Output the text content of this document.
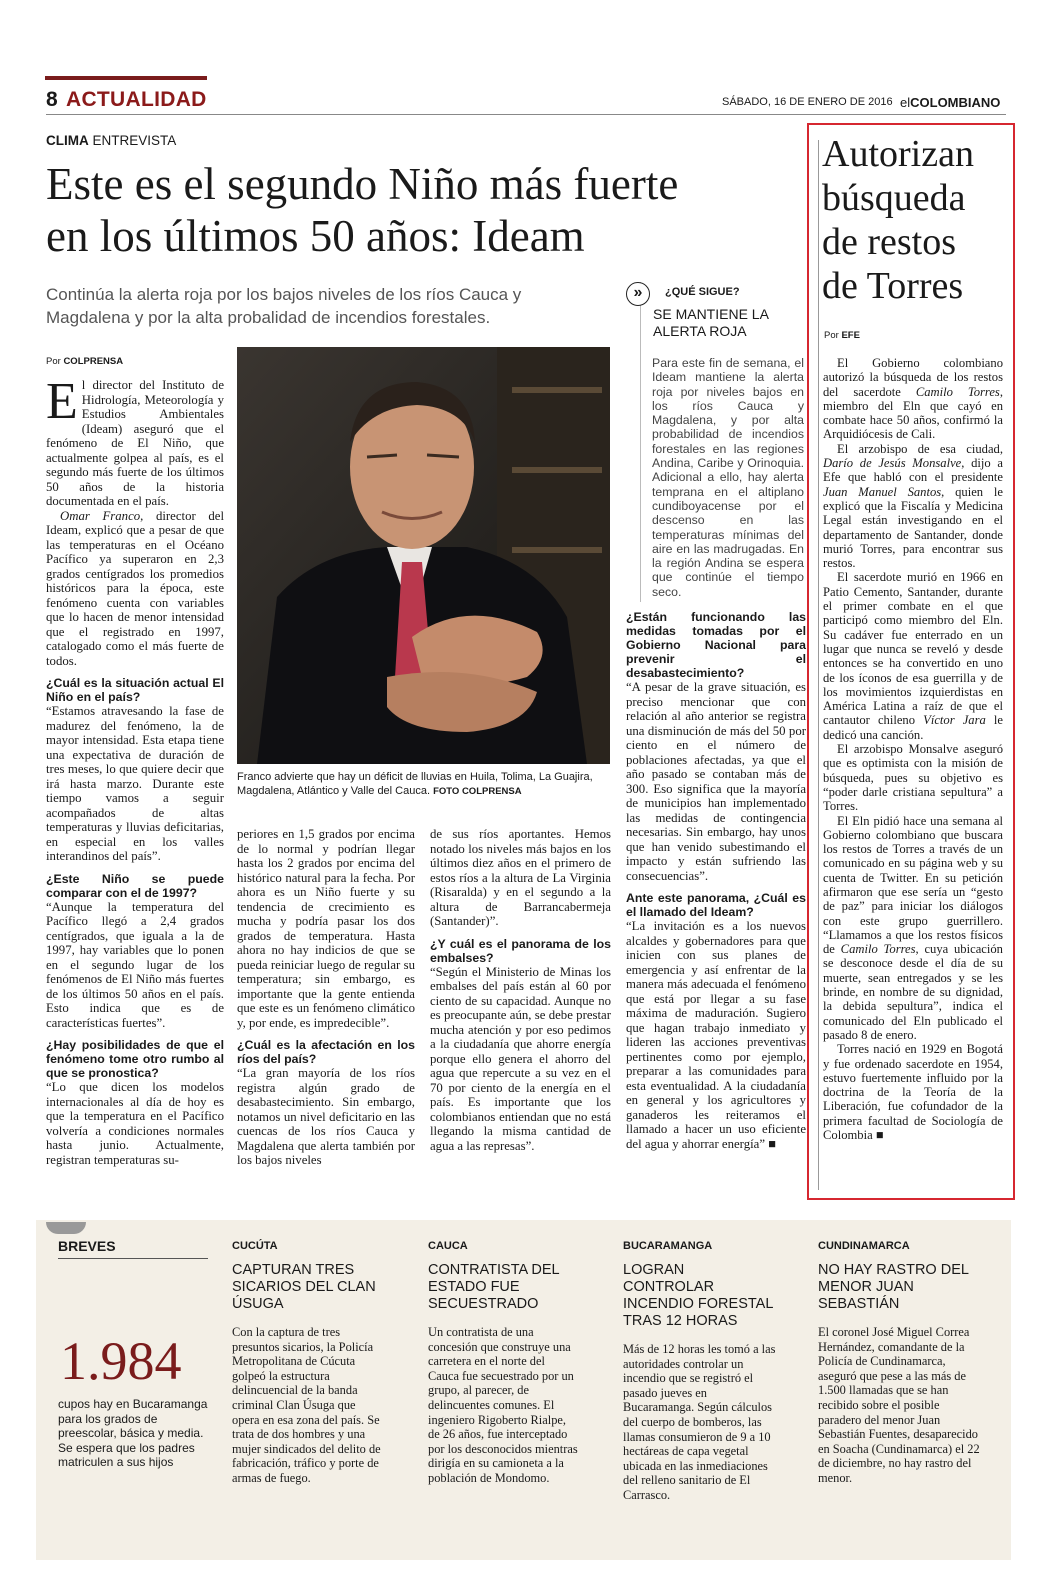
8 ACTUALIDAD	SÁBADO, 16 DE ENERO DE 2016 elCOLOMBIANO
CLIMA ENTREVISTA
Este es el segundo Niño más fuerte
en los últimos 50 años: Ideam
Continúa la alerta roja por los bajos niveles de los ríos Cauca y
Magdalena y por la alta probalidad de incendios forestales.
Por COLPRENSA

El director del Instituto de Hidrología, Meteorología y Estudios Ambientales (Ideam) aseguró que el fenómeno de El Niño, que actualmente golpea al país, es el segundo más fuerte de los últimos 50 años de la historia documentada en el país.

Omar Franco, director del Ideam, explicó que a pesar de que las temperaturas en el Océano Pacífico ya superaron en 2,3 grados centígrados los promedios históricos para la época, este fenómeno cuenta con variables que lo hacen de menor intensidad que el registrado en 1997, catalogado como el más fuerte de todos.

¿Cuál es la situación actual El Niño en el país?

“Estamos atravesando la fase de madurez del fenómeno, la de mayor intensidad. Esta etapa tiene una expectativa de duración de tres meses, lo que quiere decir que irá hasta marzo. Durante este tiempo vamos a seguir acompañados de altas temperaturas y lluvias deficitarias, en especial en los valles interandinos del país”.

¿Este Niño se puede comparar con el de 1997?

“Aunque la temperatura del Pacífico llegó a 2,4 grados centígrados, que iguala a la de 1997, hay variables que lo ponen en el segundo lugar de los fenómenos de El Niño más fuertes de los últimos 50 años en el país. Esto indica que es de características fuertes”.

¿Hay posibilidades de que el fenómeno tome otro rumbo al que se pronostica?

“Lo que dicen los modelos internacionales al día de hoy es que la temperatura en el Pacífico volvería a condiciones normales hasta junio. Actualmente, registran temperaturas su-

Franco advierte que hay un déficit de lluvias en Huila, Tolima, La Guajira, Magdalena, Atlántico y Valle del Cauca. FOTO COLPRENSA

periores en 1,5 grados por encima de lo normal y podrían llegar hasta los 2 grados por encima del histórico natural para la fecha. Por ahora es un Niño fuerte y su tendencia de crecimiento es mucha y podría pasar los dos grados de temperatura. Hasta ahora no hay indicios de que se pueda reiniciar luego de regular su temperatura; sin embargo, es importante que la gente entienda que este es un fenómeno climático y, por ende, es impredecible”.

¿Cuál es la afectación en los ríos del país?

“La gran mayoría de los ríos registra algún grado de desabastecimiento. Sin embargo, notamos un nivel deficitario en las cuencas de los ríos Cauca y Magdalena que alerta también por los bajos niveles

de sus ríos aportantes. Hemos notado los niveles más bajos en los últimos diez años en el primero de estos ríos a la altura de La Virginia (Risaralda) y en el segundo a la altura de Barrancabermeja (Santander)”.

¿Y cuál es el panorama de los embalses?

“Según el Ministerio de Minas los embalses del país están al 60 por ciento de su capacidad. Aunque no es preocupante aún, se debe prestar mucha atención y por eso pedimos a la ciudadanía que ahorre energía porque ello genera el ahorro del agua que repercute a su vez en el 70 por ciento de la energía en el país. Es importante que los colombianos entiendan que no está llegando la misma cantidad de agua a las represas”.

»	¿QUÉ SIGUE?
SE MANTIENE LA
ALERTA ROJA
Para este fin de semana, el Ideam mantiene la alerta roja por niveles bajos en los ríos Cauca y Magdalena, y por alta probabilidad de incendios forestales en las regiones Andina, Caribe y Orinoquia. Adicional a ello, hay alerta temprana en el altiplano cundiboyacense por el descenso en las temperaturas mínimas del aire en las madrugadas. En la región Andina se espera que continúe el tiempo seco.
¿Están funcionando las medidas tomadas por el Gobierno Nacional para prevenir el desabastecimiento?

“A pesar de la grave situación, es preciso mencionar que con relación al año anterior se registra una disminución de más del 50 por ciento en el número de poblaciones afectadas, ya que el año pasado se contaban más de 300. Eso significa que la mayoría de municipios han implementado las medidas de contingencia necesarias. Sin embargo, hay unos que han venido subestimando el impacto y están sufriendo las consecuencias”.

Ante este panorama, ¿Cuál es el llamado del Ideam?

“La invitación es a los nuevos alcaldes y gobernadores para que inicien con sus planes de emergencia y así enfrentar de la manera más adecuada el fenómeno que está por llegar a su fase máxima de maduración. Sugiero que hagan trabajo inmediato y lideren las acciones preventivas pertinentes como por ejemplo, preparar a las comunidades para esta eventualidad. A la ciudadanía en general y los agricultores y ganaderos les reiteramos el llamado a hacer un uso eficiente del agua y ahorrar energía” ■

Autorizan
búsqueda
de restos
de Torres
Por EFE

El Gobierno colombiano autorizó la búsqueda de los restos del sacerdote Camilo Torres, miembro del Eln que cayó en combate hace 50 años, confirmó la Arquidiócesis de Cali.

El arzobispo de esa ciudad, Darío de Jesús Monsalve, dijo a Efe que habló con el presidente Juan Manuel Santos, quien le explicó que la Fiscalía y Medicina Legal están investigando en el departamento de Santander, donde murió Torres, para encontrar sus restos.

El sacerdote murió en 1966 en Patio Cemento, Santander, durante el primer combate en el que participó como miembro del Eln. Su cadáver fue enterrado en un lugar que nunca se reveló y desde entonces se ha convertido en uno de los íconos de esa guerrilla y de los movimientos izquierdistas en América Latina a raíz de que el cantautor chileno Víctor Jara le dedicó una canción.

El arzobispo Monsalve aseguró que es optimista con la misión de búsqueda, pues su objetivo es “poder darle cristiana sepultura” a Torres.

El Eln pidió hace una semana al Gobierno colombiano que buscara los restos de Torres a través de un comunicado en su página web y su cuenta de Twitter. En su petición afirmaron que ese sería un “gesto de paz” para iniciar los diálogos con este grupo guerrillero. “Llamamos a que los restos físicos de Camilo Torres, cuya ubicación se desconoce desde el día de su muerte, sean entregados y se les brinde, en nombre de su dignidad, la debida sepultura”, indica el comunicado del Eln publicado el pasado 8 de enero.

Torres nació en 1929 en Bogotá y fue ordenado sacerdote en 1954, estuvo fuertemente influido por la doctrina de la Teoría de la Liberación, fue cofundador de la primera facultad de Sociología de Colombia ■

BREVES
1.984
cupos hay en Bucaramanga para los grados de preescolar, básica y media. Se espera que los padres matriculen a sus hijos
CUCÚTA
CAPTURAN TRES SICARIOS DEL CLAN ÚSUGA
Con la captura de tres presuntos sicarios, la Policía Metropolitana de Cúcuta golpeó la estructura delincuencial de la banda criminal Clan Úsuga que opera en esa zona del país. Se trata de dos hombres y una mujer sindicados del delito de fabricación, tráfico y porte de armas de fuego.
CAUCA
CONTRATISTA DEL ESTADO FUE SECUESTRADO
Un contratista de una concesión que construye una carretera en el norte del Cauca fue secuestrado por un grupo, al parecer, de delincuentes comunes. El ingeniero Rigoberto Rialpe, de 26 años, fue interceptado por los desconocidos mientras dirigía en su camioneta a la población de Mondomo.
BUCARAMANGA
LOGRAN CONTROLAR INCENDIO FORESTAL TRAS 12 HORAS
Más de 12 horas les tomó a las autoridades controlar un incendio que se registró el pasado jueves en Bucaramanga. Según cálculos del cuerpo de bomberos, las llamas consumieron de 9 a 10 hectáreas de capa vegetal ubicada en las inmediaciones del relleno sanitario de El Carrasco.
CUNDINAMARCA
NO HAY RASTRO DEL MENOR JUAN SEBASTIÁN
El coronel José Miguel Correa Hernández, comandante de la Policía de Cundinamarca, aseguró que pese a las más de 1.500 llamadas que se han recibido sobre el posible paradero del menor Juan Sebastián Fuentes, desaparecido en Soacha (Cundinamarca) el 22 de diciembre, no hay rastro del menor.
